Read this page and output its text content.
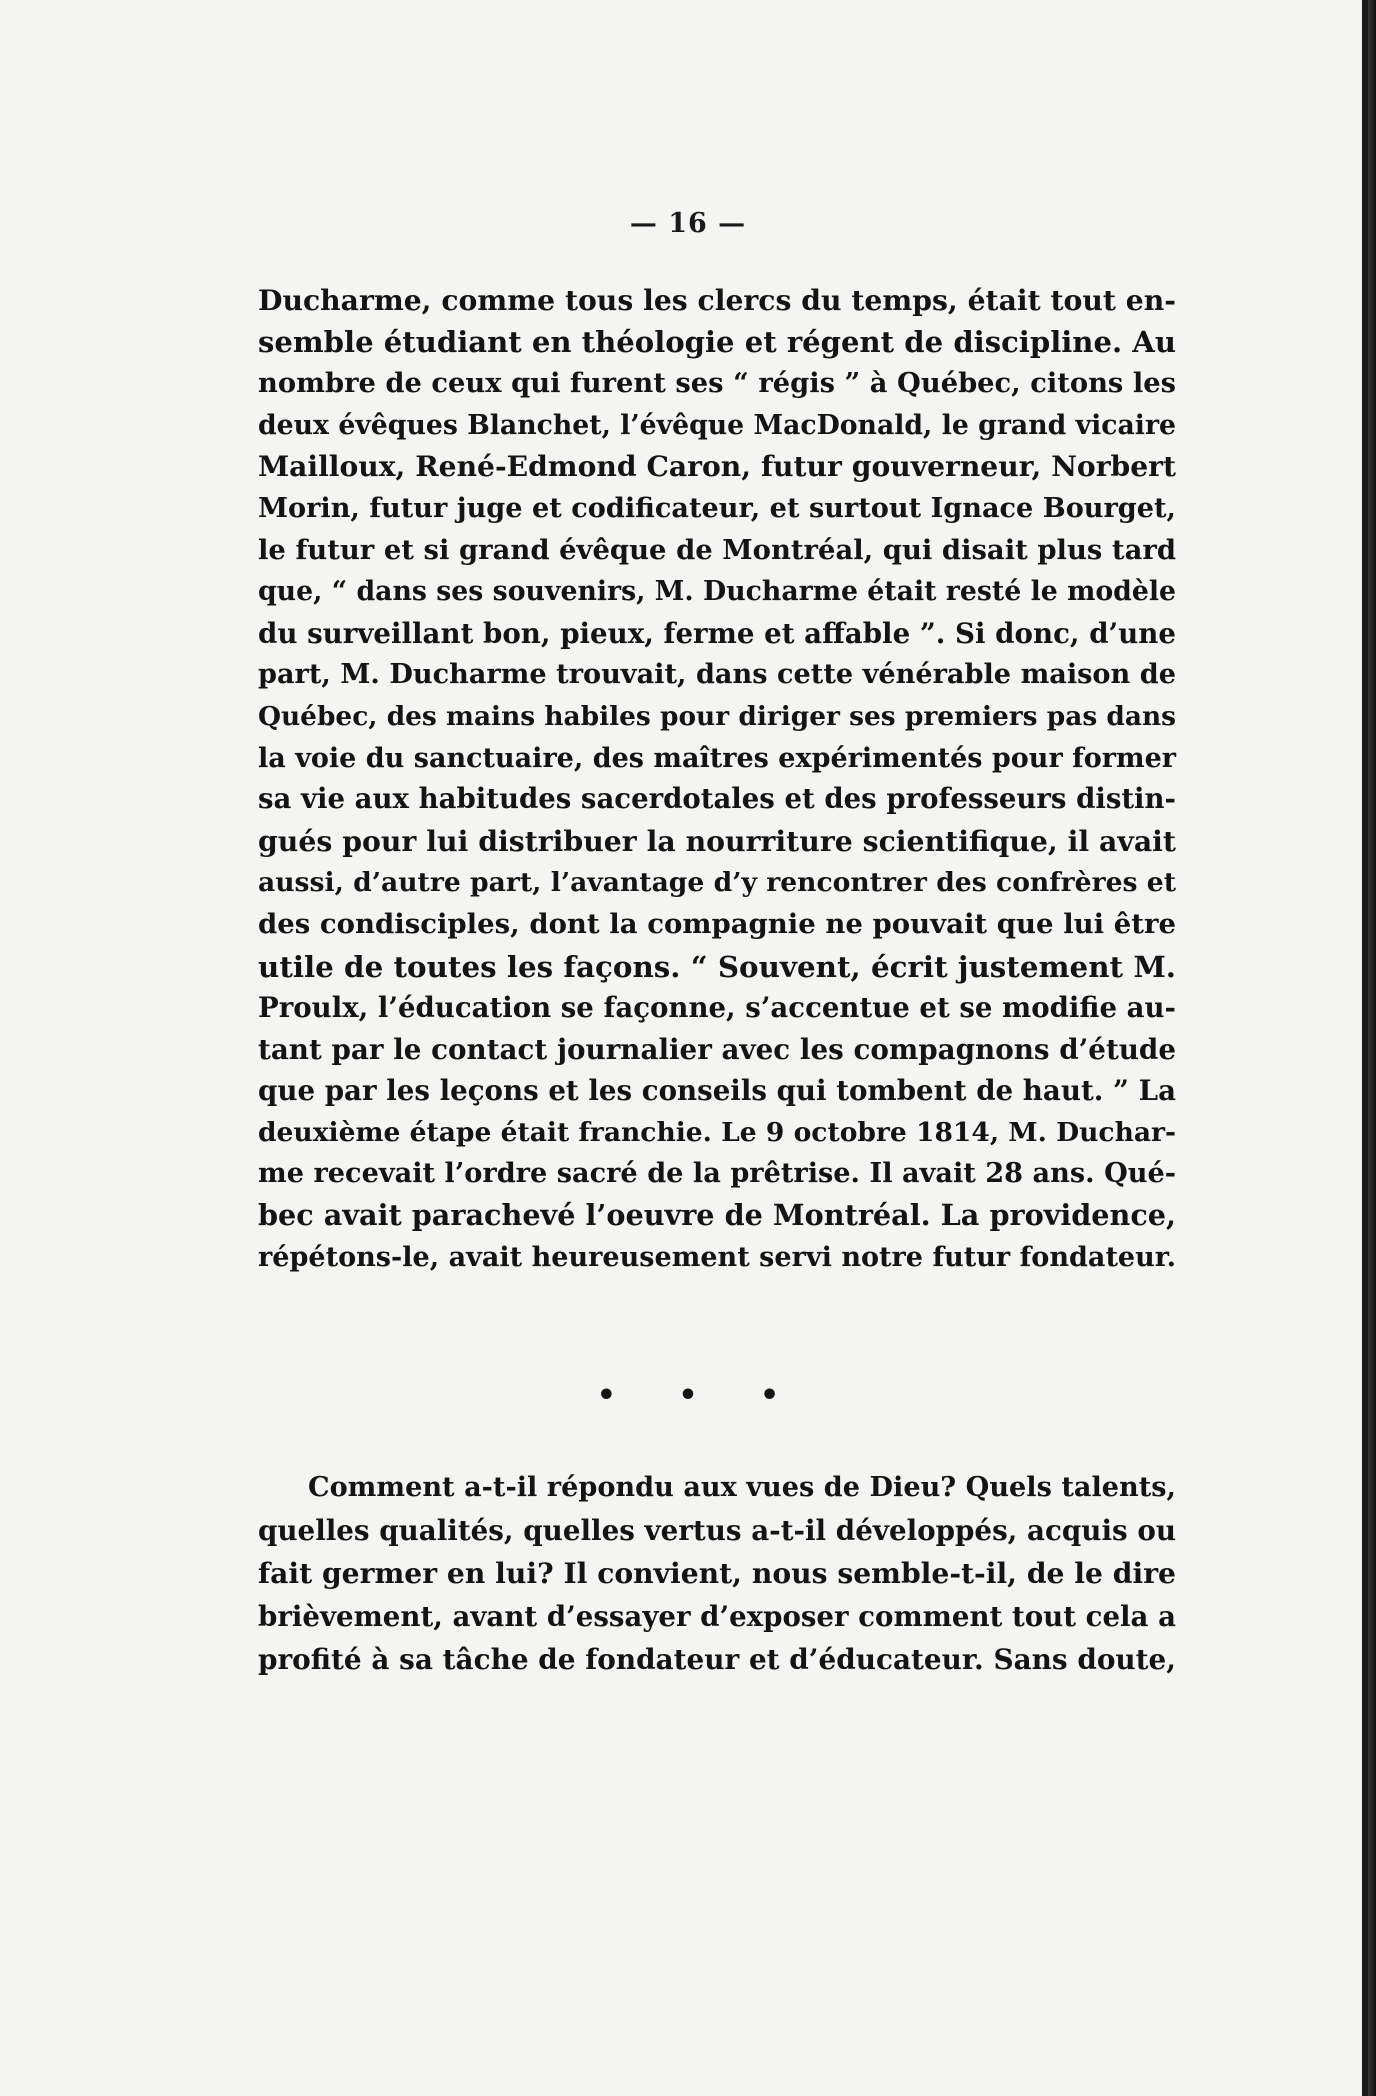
— 16 —
Ducharme, comme tous les clercs du temps, était tout en-
semble étudiant en théologie et régent de discipline. Au
nombre de ceux qui furent ses “ régis ” à Québec, citons les
deux évêques Blanchet, l’évêque MacDonald, le grand vicaire
Mailloux, René-Edmond Caron, futur gouverneur, Norbert
Morin, futur juge et codificateur, et surtout Ignace Bourget,
le futur et si grand évêque de Montréal, qui disait plus tard
que, “ dans ses souvenirs, M. Ducharme était resté le modèle
du surveillant bon, pieux, ferme et affable ”. Si donc, d’une
part, M. Ducharme trouvait, dans cette vénérable maison de
Québec, des mains habiles pour diriger ses premiers pas dans
la voie du sanctuaire, des maîtres expérimentés pour former
sa vie aux habitudes sacerdotales et des professeurs distin-
gués pour lui distribuer la nourriture scientifique, il avait
aussi, d’autre part, l’avantage d’y rencontrer des confrères et
des condisciples, dont la compagnie ne pouvait que lui être
utile de toutes les façons. “ Souvent, écrit justement M.
Proulx, l’éducation se façonne, s’accentue et se modifie au-
tant par le contact journalier avec les compagnons d’étude
que par les leçons et les conseils qui tombent de haut. ” La
deuxième étape était franchie. Le 9 octobre 1814, M. Duchar-
me recevait l’ordre sacré de la prêtrise. Il avait 28 ans. Qué-
bec avait parachevé l’oeuvre de Montréal. La providence,
répétons-le, avait heureusement servi notre futur fondateur.
• • •
Comment a-t-il répondu aux vues de Dieu? Quels talents,
quelles qualités, quelles vertus a-t-il développés, acquis ou
fait germer en lui? Il convient, nous semble-t-il, de le dire
brièvement, avant d’essayer d’exposer comment tout cela a
profité à sa tâche de fondateur et d’éducateur. Sans doute,
